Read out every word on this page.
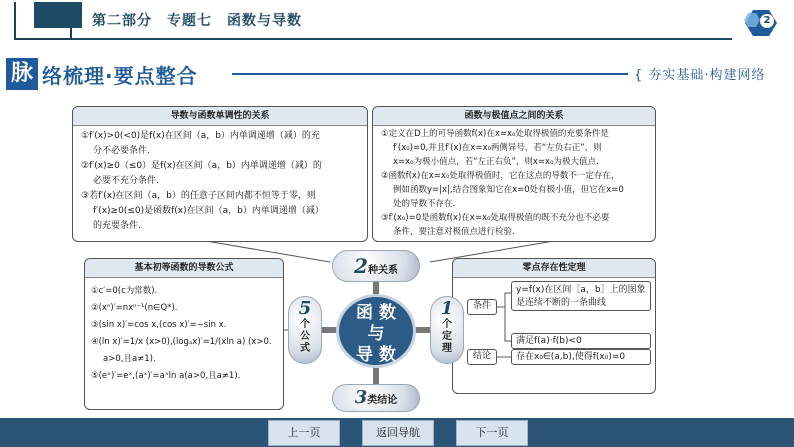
第二部分　专题七　函数与导数	2
脉 络梳理·要点整合	{ 夯实基础·构建网络
导数与函数单调性的关系
①f′(x)>0(<0)是f(x)在区间（a，b）内单调递增（减）的充
分不必要条件.
②f′(x)≥0（≤0）是f(x)在区间（a，b）内单调递增（减）的
必要不充分条件.
③若f′(x)在区间（a，b）的任意子区间内都不恒等于零，则
f′(x)≥0(≤0)是函数f(x)在区间（a，b）内单调递增（减）
的充要条件.
函数与极值点之间的关系
①定义在D上的可导函数f(x)在x=x₀处取得极值的充要条件是
f′(x₀)=0,并且f′(x)在x=x₀两侧异号，若“左负右正”，则
x=x₀为极小值点，若“左正右负”，则x=x₀为极大值点.
②函数f(x)在x=x₀处取得极值时，它在这点的导数不一定存在，
例如函数y=|x|,结合图象知它在x=0处有极小值，但它在x=0
处的导数不存在.
③f′(x₀)=0是函数f(x)在x=x₀处取得极值的既不充分也不必要
条件，要注意对极值点进行检验.
基本初等函数的导数公式
①c′=0(c为常数).
②(xⁿ)′=nxⁿ⁻¹(n∈Q*).
③(sin x)′=cos x,(cos x)′=−sin x.
④(ln x)′=1/x (x>0),(logₐx)′=1/(xln a) (x>0.
a>0,且a≠1).
⑤(eˣ)′=eˣ,(aˣ)′=aˣln a(a>0,且a≠1).
零点存在性定理
条件
y=f(x)在区间［a，b］上的图象是连续不断的一条曲线
满足f(a)·f(b)<0
结论	存在x₀∈(a,b),使得f(x₀)=0
函 数
与
导 数
2种关系
5
个
公
式
1
个
定
理
3类结论
上一页	返回导航	下一页
